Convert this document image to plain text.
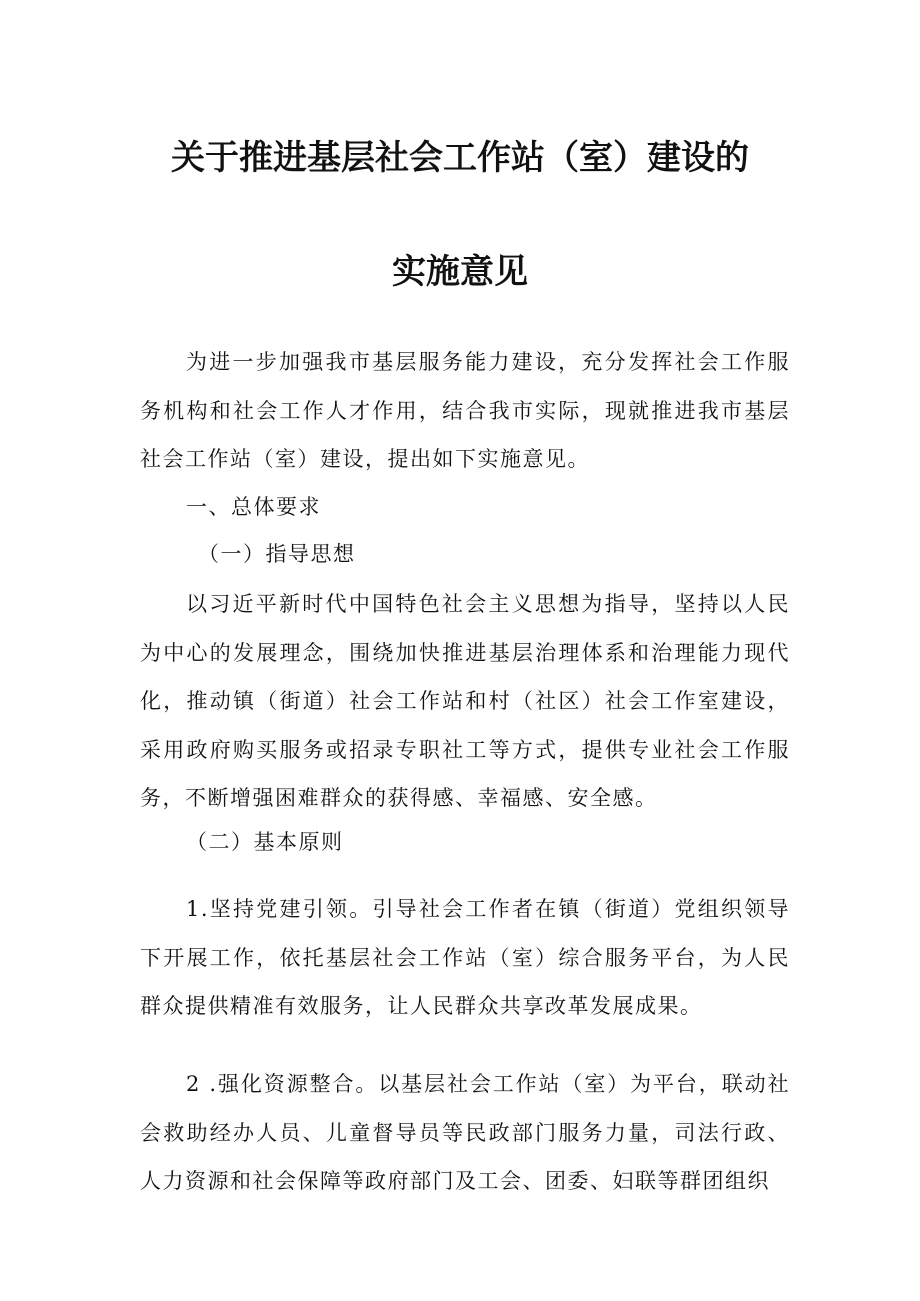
关于推进基层社会工作站（室）建设的
实施意见

为进一步加强我市基层服务能力建设，充分发挥社会工作服务机构和社会工作人才作用，结合我市实际，现就推进我市基层社会工作站（室）建设，提出如下实施意见。

一、总体要求

（一）指导思想

以习近平新时代中国特色社会主义思想为指导，坚持以人民为中心的发展理念，围绕加快推进基层治理体系和治理能力现代化，推动镇（街道）社会工作站和村（社区）社会工作室建设，采用政府购买服务或招录专职社工等方式，提供专业社会工作服务，不断增强困难群众的获得感、幸福感、安全感。

（二）基本原则

1.坚持党建引领。引导社会工作者在镇（街道）党组织领导下开展工作，依托基层社会工作站（室）综合服务平台，为人民群众提供精准有效服务，让人民群众共享改革发展成果。

2 .强化资源整合。以基层社会工作站（室）为平台，联动社会救助经办人员、儿童督导员等民政部门服务力量，司法行政、人力资源和社会保障等政府部门及工会、团委、妇联等群团组织
